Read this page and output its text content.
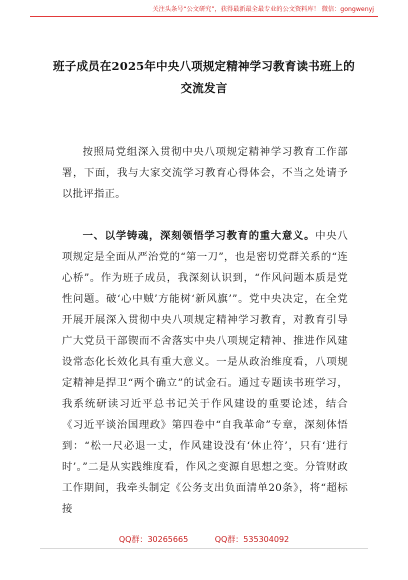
关注头条号“公文研究”，获得最新最全最专业的公文资料库！ 微信：gongwenyj
班子成员在2025年中央八项规定精神学习教育读书班上的
交流发言

按照局党组深入贯彻中央八项规定精神学习教育工作部署，下面，我与大家交流学习教育心得体会，不当之处请予以批评指正。

一、以学铸魂，深刻领悟学习教育的重大意义。中央八项规定是全面从严治党的“第一刀”，也是密切党群关系的“连心桥”。作为班子成员，我深刻认识到，“作风问题本质是党性问题。破‘心中贼’方能树‘新风旗’”。党中央决定，在全党开展开展深入贯彻中央八项规定精神学习教育，对教育引导广大党员干部锲而不舍落实中央八项规定精神、推进作风建设常态化长效化具有重大意义。一是从政治维度看，八项规定精神是捍卫“两个确立”的试金石。通过专题读书班学习，我系统研读习近平总书记关于作风建设的重要论述，结合《习近平谈治国理政》第四卷中“自我革命”专章，深刻体悟到：“松一尺必退一丈，作风建设没有‘休止符’，只有‘进行时’。”二是从实践维度看，作风之变源自思想之变。分管财政工作期间，我牵头制定《公务支出负面清单20条》，将“超标接

QQ群：30265665	QQ群：535304092
